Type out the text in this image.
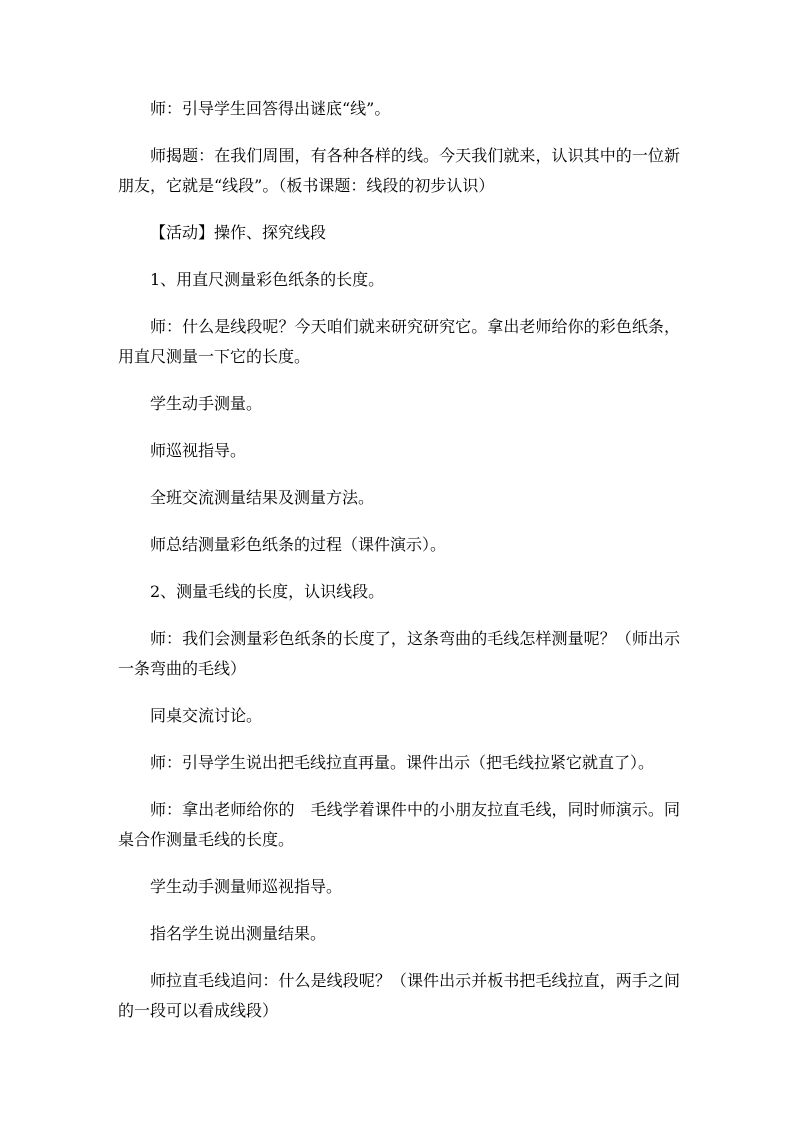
师：引导学生回答得出谜底“线”。

师揭题：在我们周围，有各种各样的线。今天我们就来，认识其中的一位新朋友，它就是“线段”。（板书课题：线段的初步认识）

【活动】操作、探究线段

1、用直尺测量彩色纸条的长度。

师：什么是线段呢？今天咱们就来研究研究它。拿出老师给你的彩色纸条，用直尺测量一下它的长度。

学生动手测量。

师巡视指导。

全班交流测量结果及测量方法。

师总结测量彩色纸条的过程（课件演示）。

2、测量毛线的长度，认识线段。

师：我们会测量彩色纸条的长度了，这条弯曲的毛线怎样测量呢？（师出示一条弯曲的毛线）

同桌交流讨论。

师：引导学生说出把毛线拉直再量。课件出示（把毛线拉紧它就直了）。

师：拿出老师给你的　毛线学着课件中的小朋友拉直毛线，同时师演示。同桌合作测量毛线的长度。

学生动手测量师巡视指导。

指名学生说出测量结果。

师拉直毛线追问：什么是线段呢？（课件出示并板书把毛线拉直，两手之间的一段可以看成线段）
